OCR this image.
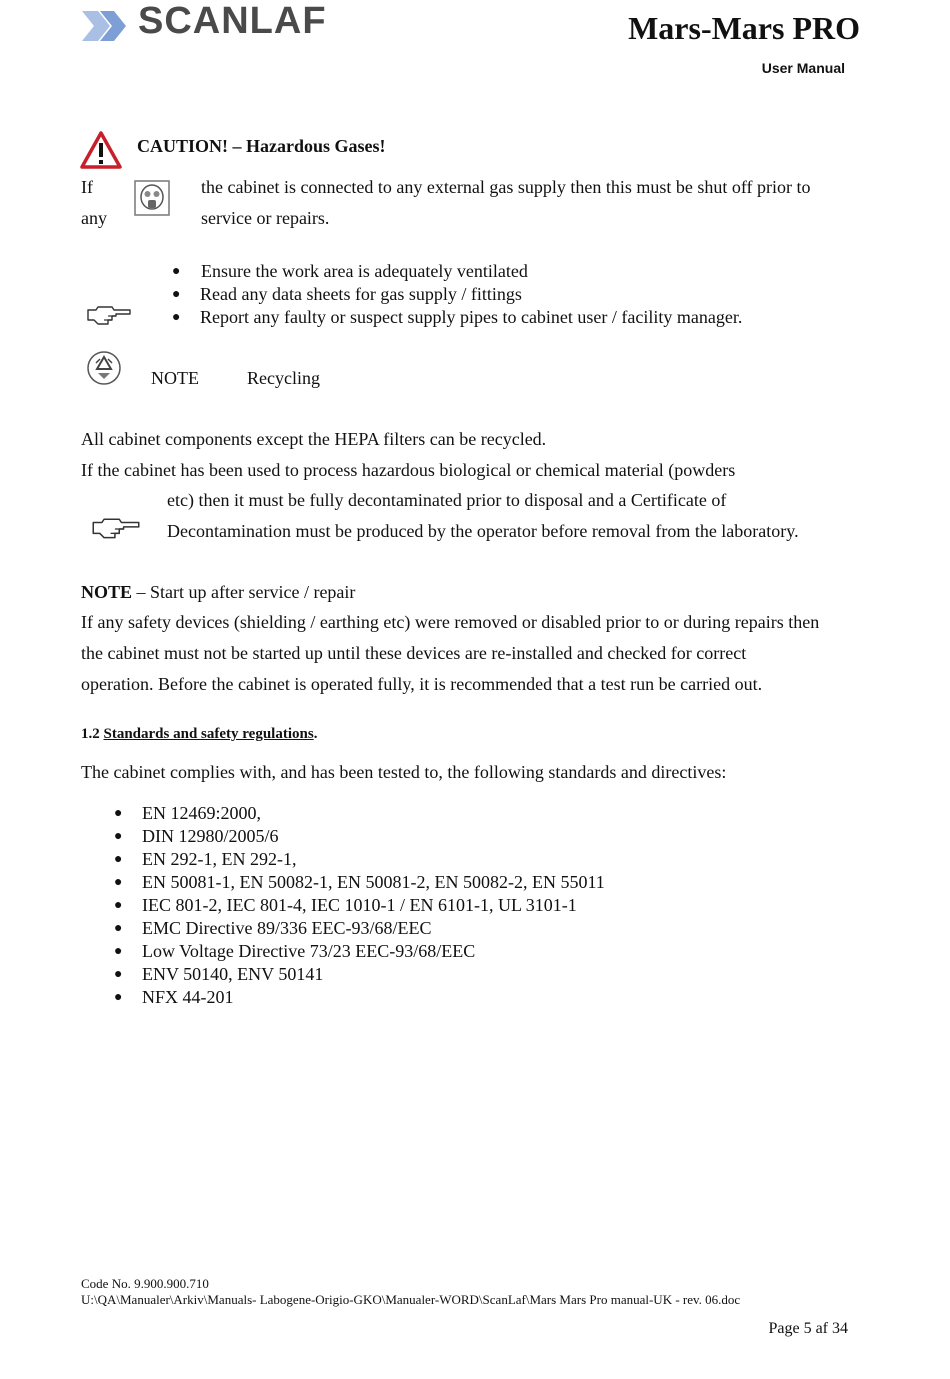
SCANLAF	Mars-Mars PRO
User Manual
CAUTION! – Hazardous Gases!
If
any
the cabinet is connected to any external gas supply then this must be shut off prior to
service or repairs.
● Ensure the work area is adequately ventilated
● Read any data sheets for gas supply / fittings
● Report any faulty or suspect supply pipes to cabinet user / facility manager.
NOTE	Recycling
All cabinet components except the HEPA filters can be recycled.
If the cabinet has been used to process hazardous biological or chemical material (powders
etc) then it must be fully decontaminated prior to disposal and a Certificate of
Decontamination must be produced by the operator before removal from the laboratory.
NOTE – Start up after service / repair
If any safety devices (shielding / earthing etc) were removed or disabled prior to or during repairs then
the cabinet must not be started up until these devices are re-installed and checked for correct
operation. Before the cabinet is operated fully, it is recommended that a test run be carried out.
1.2 Standards and safety regulations.
The cabinet complies with, and has been tested to, the following standards and directives:
● EN 12469:2000,
● DIN 12980/2005/6
● EN 292-1, EN 292-1,
● EN 50081-1, EN 50082-1, EN 50081-2, EN 50082-2, EN 55011
● IEC 801-2, IEC 801-4, IEC 1010-1 / EN 6101-1, UL 3101-1
● EMC Directive 89/336 EEC-93/68/EEC
● Low Voltage Directive 73/23 EEC-93/68/EEC
● ENV 50140, ENV 50141
● NFX 44-201
Code No. 9.900.900.710
U:\QA\Manualer\Arkiv\Manuals- Labogene-Origio-GKO\Manualer-WORD\ScanLaf\Mars Mars Pro manual-UK - rev. 06.doc
Page 5 af 34
